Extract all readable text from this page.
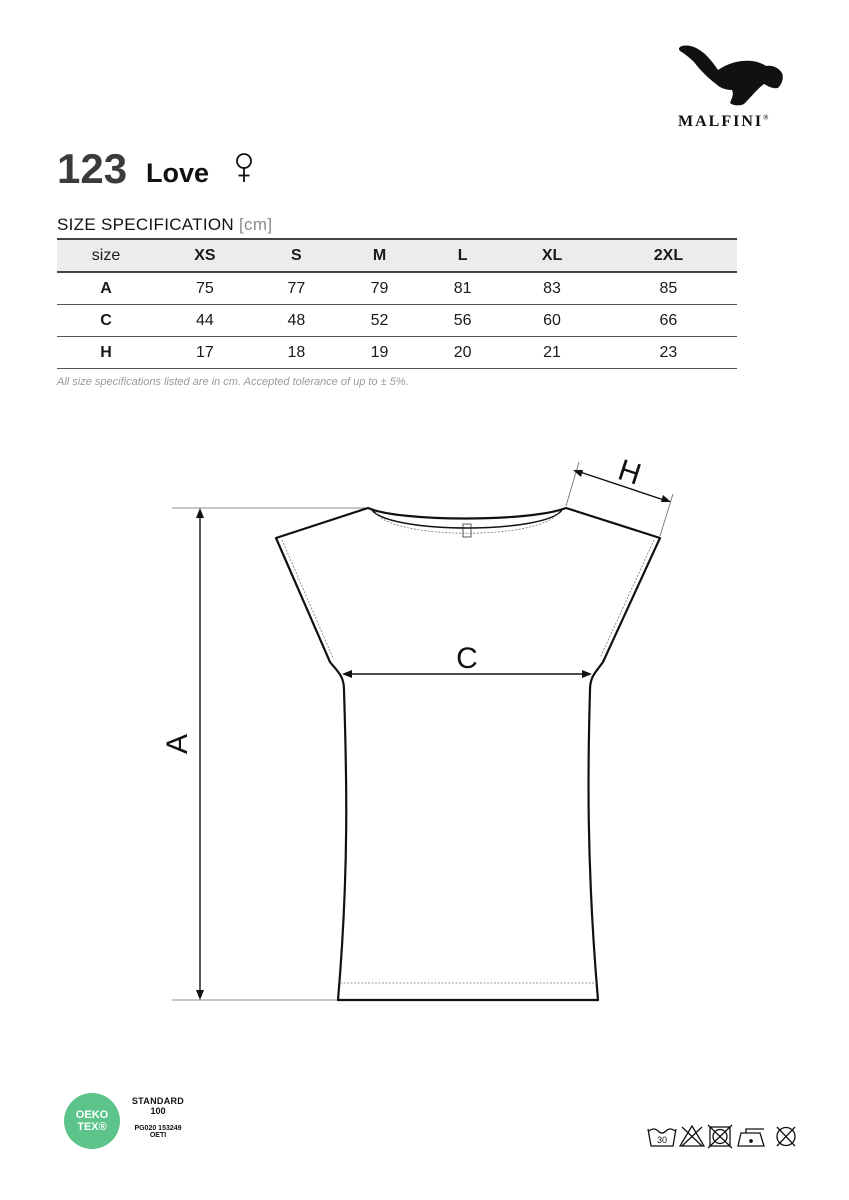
MALFINI®
123 Love
SIZE SPECIFICATION [cm]
size	XS	S	M	L	XL	2XL
A	75	77	79	81	83	85
C	44	48	52	56	60	66
H	17	18	19	20	21	23
All size specifications listed are in cm. Accepted tolerance of up to ± 5%.
A
C
H
OEKO
TEX®
STANDARD
100
PG020 153249
OETI	30
